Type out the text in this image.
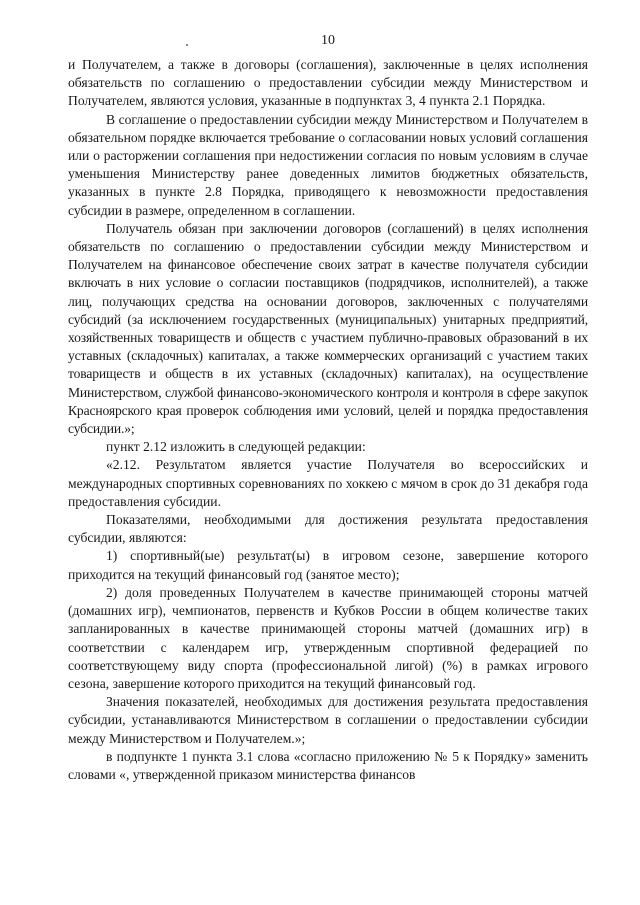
10

и Получателем, а также в договоры (соглашения), заключенные в целях исполнения обязательств по соглашению о предоставлении субсидии между Министерством и Получателем, являются условия, указанные в подпунктах 3, 4 пункта 2.1 Порядка.

В соглашение о предоставлении субсидии между Министерством и Получателем в обязательном порядке включается требование о согласовании новых условий соглашения или о расторжении соглашения при недостижении согласия по новым условиям в случае уменьшения Министерству ранее доведенных лимитов бюджетных обязательств, указанных в пункте 2.8 Порядка, приводящего к невозможности предоставления субсидии в размере, определенном в соглашении.

Получатель обязан при заключении договоров (соглашений) в целях исполнения обязательств по соглашению о предоставлении субсидии между Министерством и Получателем на финансовое обеспечение своих затрат в качестве получателя субсидии включать в них условие о согласии поставщиков (подрядчиков, исполнителей), а также лиц, получающих средства на основании договоров, заключенных с получателями субсидий (за исключением государственных (муниципальных) унитарных предприятий, хозяйственных товариществ и обществ с участием публично-правовых образований в их уставных (складочных) капиталах, а также коммерческих организаций с участием таких товариществ и обществ в их уставных (складочных) капиталах), на осуществление Министерством, службой финансово-экономического контроля и контроля в сфере закупок Красноярского края проверок соблюдения ими условий, целей и порядка предоставления субсидии.»;

пункт 2.12 изложить в следующей редакции:

«2.12. Результатом является участие Получателя во всероссийских и международных спортивных соревнованиях по хоккею с мячом в срок до 31 декабря года предоставления субсидии.

Показателями, необходимыми для достижения результата предоставления субсидии, являются:

1) спортивный(ые) результат(ы) в игровом сезоне, завершение которого приходится на текущий финансовый год (занятое место);

2) доля проведенных Получателем в качестве принимающей стороны матчей (домашних игр), чемпионатов, первенств и Кубков России в общем количестве таких запланированных в качестве принимающей стороны матчей (домашних игр) в соответствии с календарем игр, утвержденным спортивной федерацией по соответствующему виду спорта (профессиональной лигой) (%) в рамках игрового сезона, завершение которого приходится на текущий финансовый год.

Значения показателей, необходимых для достижения результата предоставления субсидии, устанавливаются Министерством в соглашении о предоставлении субсидии между Министерством и Получателем.»;

в подпункте 1 пункта 3.1 слова «согласно приложению № 5 к Порядку» заменить словами «, утвержденной приказом министерства финансов
